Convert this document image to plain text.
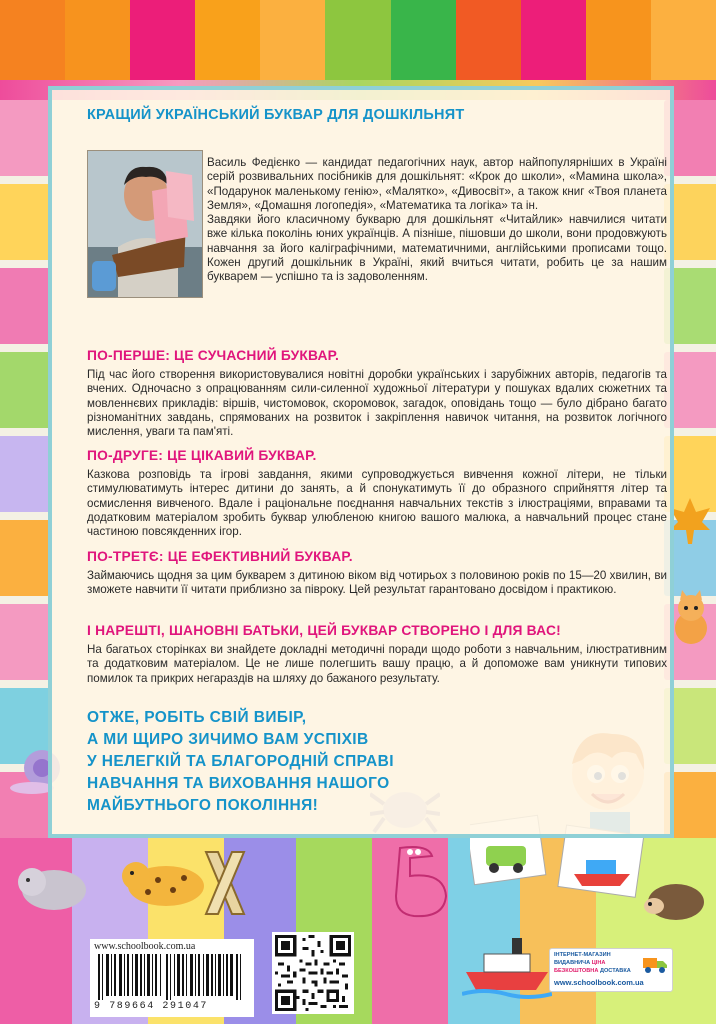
КРАЩИЙ УКРАЇНСЬКИЙ БУКВАР ДЛЯ ДОШКІЛЬНЯТ

Василь Федієнко — кандидат педагогічних наук, автор найпопулярніших в Україні серій розвивальних посібників для дошкільнят: «Крок до школи», «Мамина школа», «Подарунок маленькому генію», «Малятко», «Дивосвіт», а також книг «Твоя планета Земля», «Домашня логопедія», «Математика та логіка» та ін.

Завдяки його класичному букварю для дошкільнят «Читайлик» навчилися читати вже кілька поколінь юних українців. А пізніше, пішовши до школи, вони продовжують навчання за його каліграфічними, математичними, англійськими прописами тощо. Кожен другий дошкільник в Україні, який вчиться читати, робить це за нашим букварем — успішно та із задоволенням.

ПО-ПЕРШЕ: ЦЕ СУЧАСНИЙ БУКВАР.

Під час його створення використовувалися новітні доробки українських і зарубіжних авторів, педагогів та вчених. Одночасно з опрацюванням сили-силенної художньої літератури у пошуках вдалих сюжетних та мовленнєвих прикладів: віршів, чистомовок, скоромовок, загадок, оповідань тощо — було дібрано багато різноманітних завдань, спрямованих на розвиток і закріплення навичок читання, на розвиток логічного мислення, уваги та пам'яті.

ПО-ДРУГЕ: ЦЕ ЦІКАВИЙ БУКВАР.

Казкова розповідь та ігрові завдання, якими супроводжується вивчення кожної літери, не тільки стимулюватимуть інтерес дитини до занять, а й спонукатимуть її до образного сприйняття літер та осмислення вивченого. Вдале і раціональне поєднання навчальних текстів з ілюстраціями, вправами та додатковим матеріалом зробить буквар улюбленою книгою вашого малюка, а навчальний процес стане частиною повсякденних ігор.

ПО-ТРЕТЄ: ЦЕ ЕФЕКТИВНИЙ БУКВАР.

Займаючись щодня за цим букварем з дитиною віком від чотирьох з половиною років по 15—20 хвилин, ви зможете навчити її читати приблизно за півроку. Цей результат гарантовано досвідом і практикою.

І НАРЕШТІ, ШАНОВНІ БАТЬКИ, ЦЕЙ БУКВАР СТВОРЕНО І ДЛЯ ВАС!

На багатьох сторінках ви знайдете докладні методичні поради щодо роботи з навчальним, ілюстративним та додатковим матеріалом. Це не лише полегшить вашу працю, а й допоможе вам уникнути типових помилок та прикрих негараздів на шляху до бажаного результату.

ОТЖЕ, РОБІТЬ СВІЙ ВИБІР,
А МИ ЩИРО ЗИЧИМО ВАМ УСПІХІВ
У НЕЛЕГКІЙ ТА БЛАГОРОДНІЙ СПРАВІ
НАВЧАННЯ ТА ВИХОВАННЯ НАШОГО
МАЙБУТНЬОГО ПОКОЛІННЯ!
www.schoolbook.com.ua
9 789664 291047
ІНТЕРНЕТ-МАГАЗИН
ВИДАВНИЧА ЦІНА
БЕЗКОШТОВНА ДОСТАВКА
www.schoolbook.com.ua
